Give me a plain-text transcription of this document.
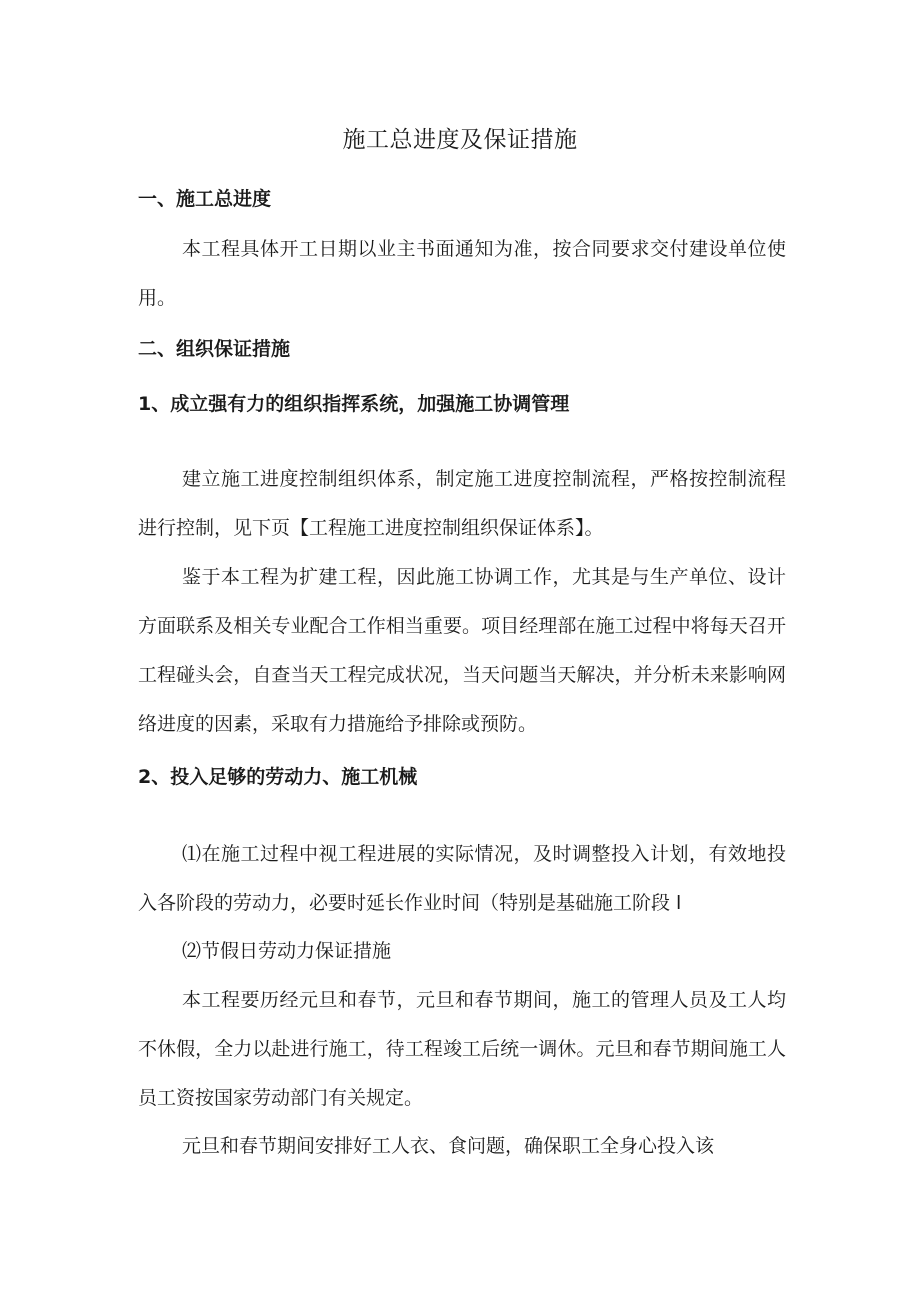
施工总进度及保证措施
一、施工总进度

本工程具体开工日期以业主书面通知为准，按合同要求交付建设单位使用。

二、组织保证措施
1、成立强有力的组织指挥系统，加强施工协调管理

建立施工进度控制组织体系，制定施工进度控制流程，严格按控制流程进行控制，见下页【工程施工进度控制组织保证体系】。

鉴于本工程为扩建工程，因此施工协调工作，尤其是与生产单位、设计方面联系及相关专业配合工作相当重要。项目经理部在施工过程中将每天召开工程碰头会，自查当天工程完成状况，当天问题当天解决，并分析未来影响网络进度的因素，采取有力措施给予排除或预防。

2、投入足够的劳动力、施工机械

⑴在施工过程中视工程进展的实际情况，及时调整投入计划，有效地投入各阶段的劳动力，必要时延长作业时间（特别是基础施工阶段 l

⑵节假日劳动力保证措施

本工程要历经元旦和春节，元旦和春节期间，施工的管理人员及工人均不休假，全力以赴进行施工，待工程竣工后统一调休。元旦和春节期间施工人员工资按国家劳动部门有关规定。

元旦和春节期间安排好工人衣、食问题，确保职工全身心投入该
